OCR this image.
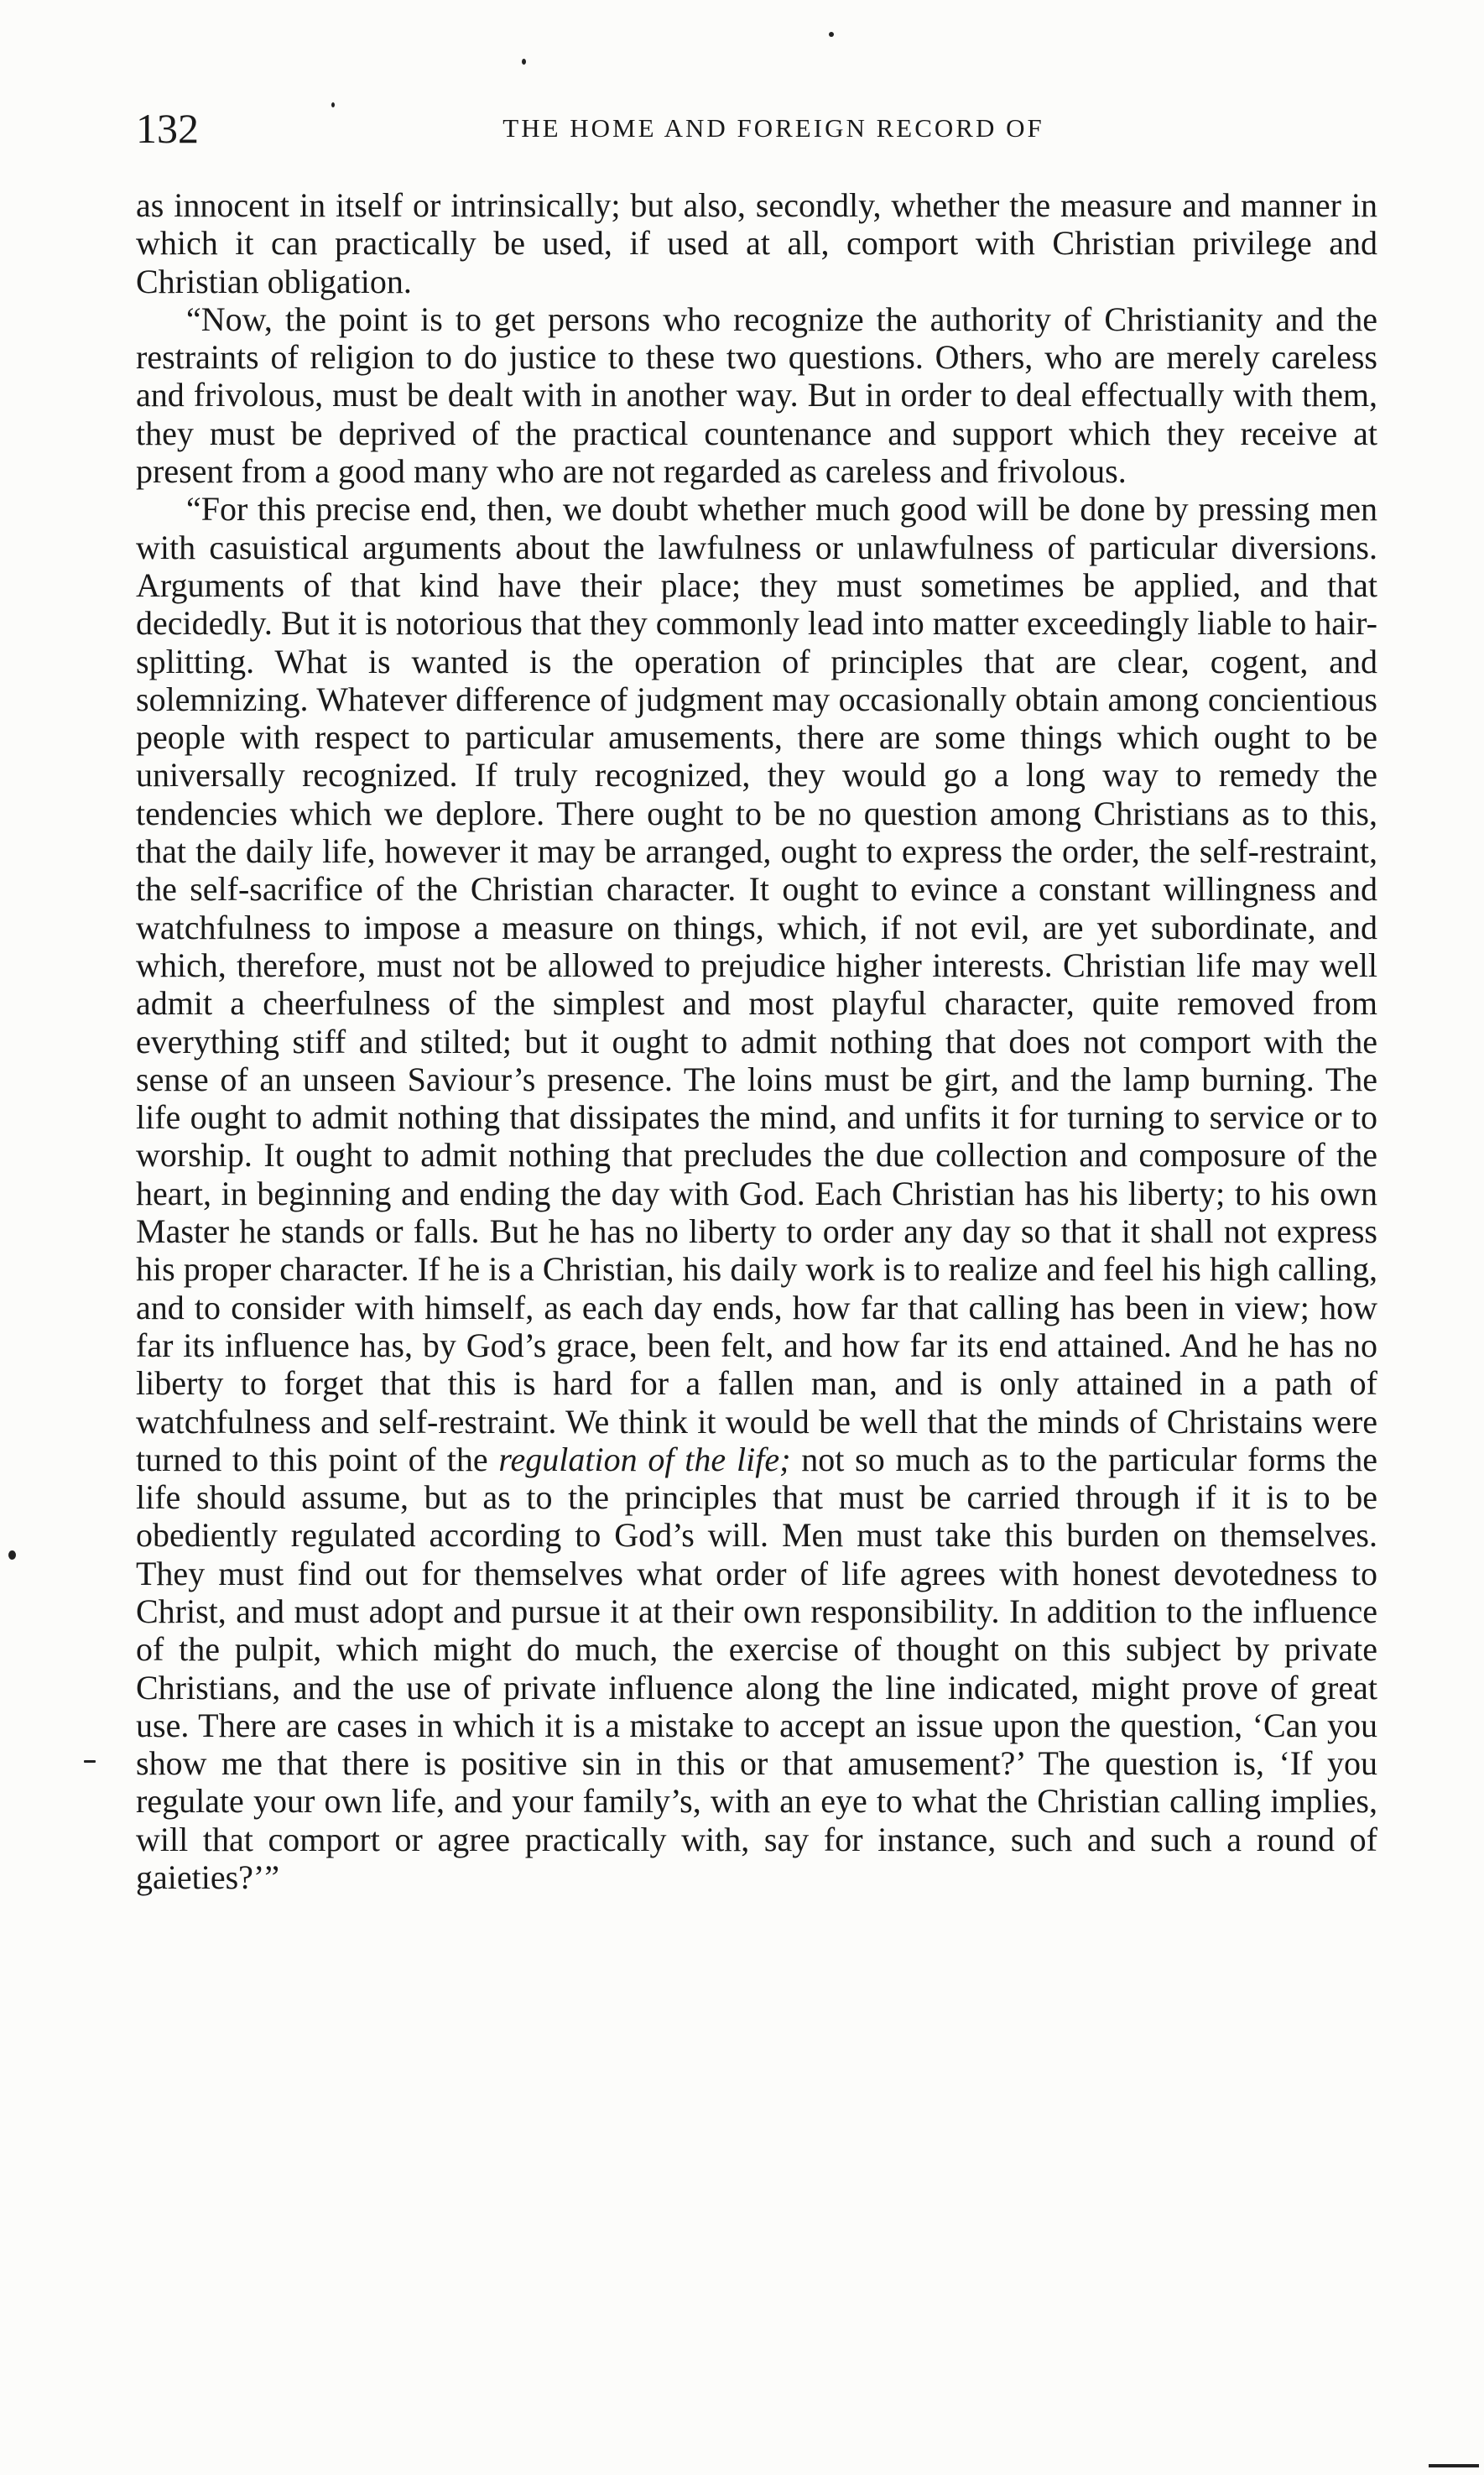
132	THE HOME AND FOREIGN RECORD OF

as innocent in itself or intrinsically; but also, secondly, whether the measure and manner in which it can practically be used, if used at all, comport with Christian privilege and Christian obligation.

“Now, the point is to get persons who recognize the authority of Christianity and the restraints of religion to do justice to these two questions. Others, who are merely careless and frivolous, must be dealt with in another way. But in order to deal effectually with them, they must be deprived of the practical countenance and support which they receive at present from a good many who are not regarded as careless and frivolous.

“For this precise end, then, we doubt whether much good will be done by pressing men with casuistical arguments about the lawfulness or unlawfulness of particular diversions. Arguments of that kind have their place; they must sometimes be applied, and that decidedly. But it is notorious that they commonly lead into matter exceedingly liable to hair-splitting. What is wanted is the operation of principles that are clear, cogent, and solemnizing. Whatever difference of judgment may occasionally obtain among concientious people with respect to particular amusements, there are some things which ought to be universally recognized. If truly recognized, they would go a long way to remedy the tendencies which we deplore. There ought to be no question among Christians as to this, that the daily life, however it may be arranged, ought to express the order, the self-restraint, the self-sacrifice of the Christian character. It ought to evince a constant willingness and watchfulness to impose a measure on things, which, if not evil, are yet subordinate, and which, therefore, must not be allowed to prejudice higher interests. Christian life may well admit a cheerfulness of the simplest and most playful character, quite removed from everything stiff and stilted; but it ought to admit nothing that does not comport with the sense of an unseen Saviour’s presence. The loins must be girt, and the lamp burning. The life ought to admit nothing that dissipates the mind, and unfits it for turning to service or to worship. It ought to admit nothing that precludes the due collection and composure of the heart, in beginning and ending the day with God. Each Christian has his liberty; to his own Master he stands or falls. But he has no liberty to order any day so that it shall not express his proper character. If he is a Christian, his daily work is to realize and feel his high calling, and to consider with himself, as each day ends, how far that calling has been in view; how far its influence has, by God’s grace, been felt, and how far its end attained. And he has no liberty to forget that this is hard for a fallen man, and is only attained in a path of watchfulness and self-restraint. We think it would be well that the minds of Christains were turned to this point of the regulation of the life; not so much as to the particular forms the life should assume, but as to the principles that must be carried through if it is to be obediently regulated according to God’s will. Men must take this burden on themselves. They must find out for themselves what order of life agrees with honest devotedness to Christ, and must adopt and pursue it at their own responsibility. In addition to the influence of the pulpit, which might do much, the exercise of thought on this subject by private Christians, and the use of private influence along the line indicated, might prove of great use. There are cases in which it is a mistake to accept an issue upon the question, ‘Can you show me that there is positive sin in this or that amusement?’ The question is, ‘If you regulate your own life, and your family’s, with an eye to what the Christian calling implies, will that comport or agree practically with, say for instance, such and such a round of gaieties?’”
